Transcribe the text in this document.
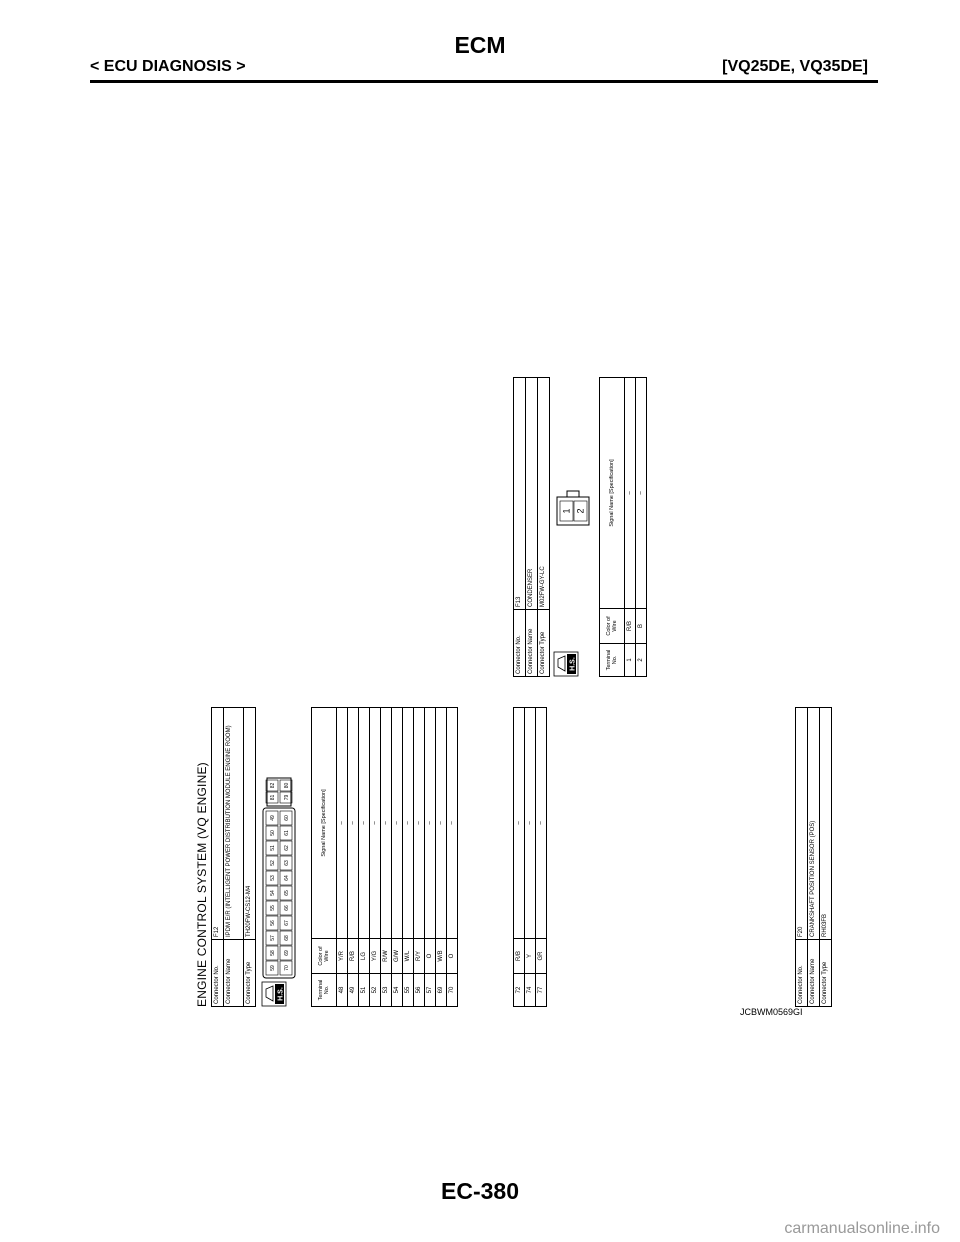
ECM
< ECU DIAGNOSIS >	[VQ25DE, VQ35DE]
ENGINE CONTROL SYSTEM (VQ ENGINE) Connector No.	F12
Connector Name	IPDM E/R (INTELLIGENT POWER DISTRIBUTION MODULE ENGINE ROOM)
Connector Type	TH20FW-CS12-M4
H.S.
59
58
57
56
55
54
53
52
51
50
49
81
82
70
69
68
67
66
65
64
63
62
61
60
79
80
Terminal No.	Color of Wire	Signal Name [Specification]
48	Y/R	–
49	R/B	–
51	LG	–
52	Y/G	–
53	R/W	–
54	G/W	–
55	W/L	–
56	R/Y	–
57	O	–
69	W/B	–
70	O	–
72	R/B	–
74	Y	–
77	GR	–
Connector No.	F13
Connector Name	CONDENSER
Connector Type	M02FW-GY-LC
H.S.
1 2
Terminal No.	Color of Wire	Signal Name [Specification]
1	R/B	–
2	B	–
Connector No.	F20
Connector Name	CRANKSHAFT POSITION SENSOR (POS)
Connector Type	RH03FB
JCBWM0569GI
EC-380
carmanualsonline.info
